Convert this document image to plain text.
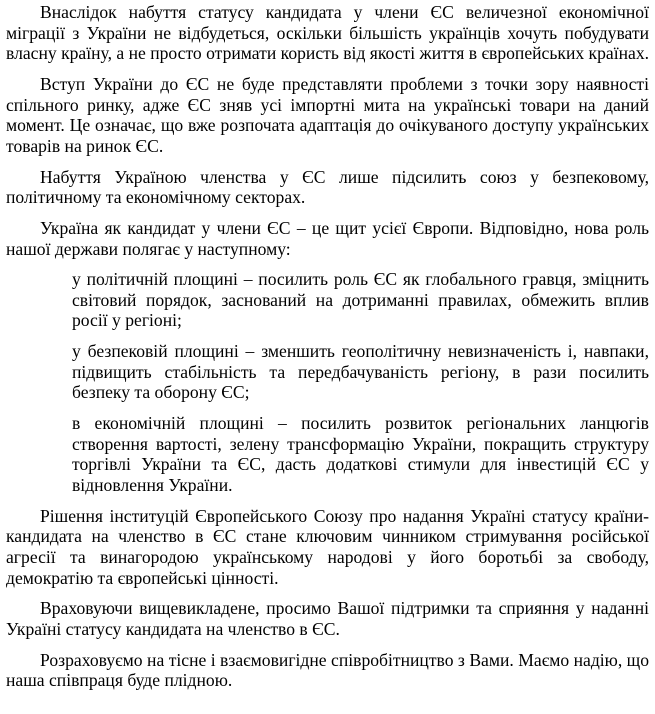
Внаслідок набуття статусу кандидата у члени ЄС величезної економічної міграції з України не відбудеться, оскільки більшість українців хочуть побудувати власну країну, а не просто отримати користь від якості життя в європейських країнах.

Вступ України до ЄС не буде представляти проблеми з точки зору наявності спільного ринку, адже ЄС зняв усі імпортні мита на українські товари на даний момент. Це означає, що вже розпочата адаптація до очікуваного доступу українських товарів на ринок ЄС.

Набуття Україною членства у ЄС лише підсилить союз у безпековому, політичному та економічному секторах.

Україна як кандидат у члени ЄС – це щит усієї Європи. Відповідно, нова роль нашої держави полягає у наступному:

у політичній площині – посилить роль ЄС як глобального гравця, зміцнить світовий порядок, заснований на дотриманні правилах, обмежить вплив росії у регіоні;

у безпековій площині – зменшить геополітичну невизначеність і, навпаки, підвищить стабільність та передбачуваність регіону, в рази посилить безпеку та оборону ЄС;

в економічній площині – посилить розвиток регіональних ланцюгів створення вартості, зелену трансформацію України, покращить структуру торгівлі України та ЄС, дасть додаткові стимули для інвестицій ЄС у відновлення України.

Рішення інституцій Європейського Союзу про надання Україні статусу країни-кандидата на членство в ЄС стане ключовим чинником стримування російської агресії та винагородою українському народові у його боротьбі за свободу, демократію та європейські цінності.

Враховуючи вищевикладене, просимо Вашої підтримки та сприяння у наданні Україні статусу кандидата на членство в ЄС.

Розраховуємо на тісне і взаємовигідне співробітництво з Вами. Маємо надію, що наша співпраця буде плідною.
